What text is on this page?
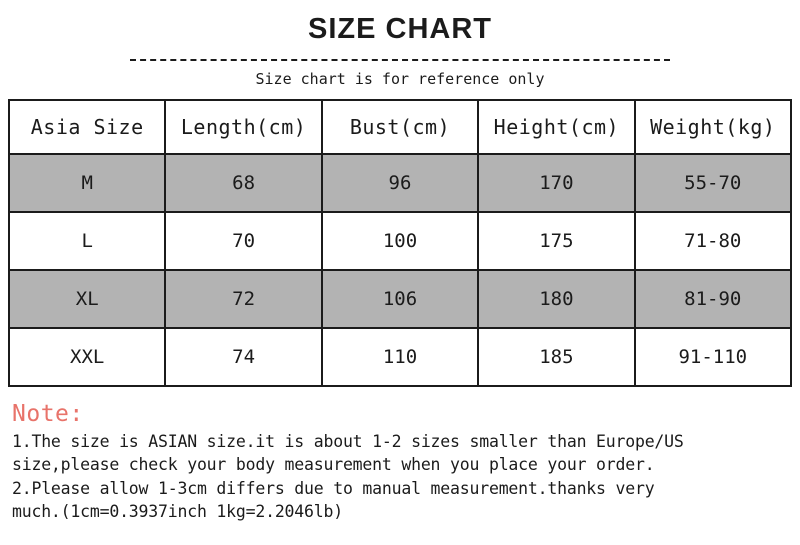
SIZE CHART
Size chart is for reference only
Asia Size	Length(cm)	Bust(cm)	Height(cm)	Weight(kg)
M	68	96	170	55-70
L	70	100	175	71-80
XL	72	106	180	81-90
XXL	74	110	185	91-110
Note:
1.The size is ASIAN size.it is about 1-2 sizes smaller than Europe/US
size,please check your body measurement when you place your order.
2.Please allow 1-3cm differs due to manual measurement.thanks very
much.(1cm=0.3937inch 1kg=2.2046lb)
